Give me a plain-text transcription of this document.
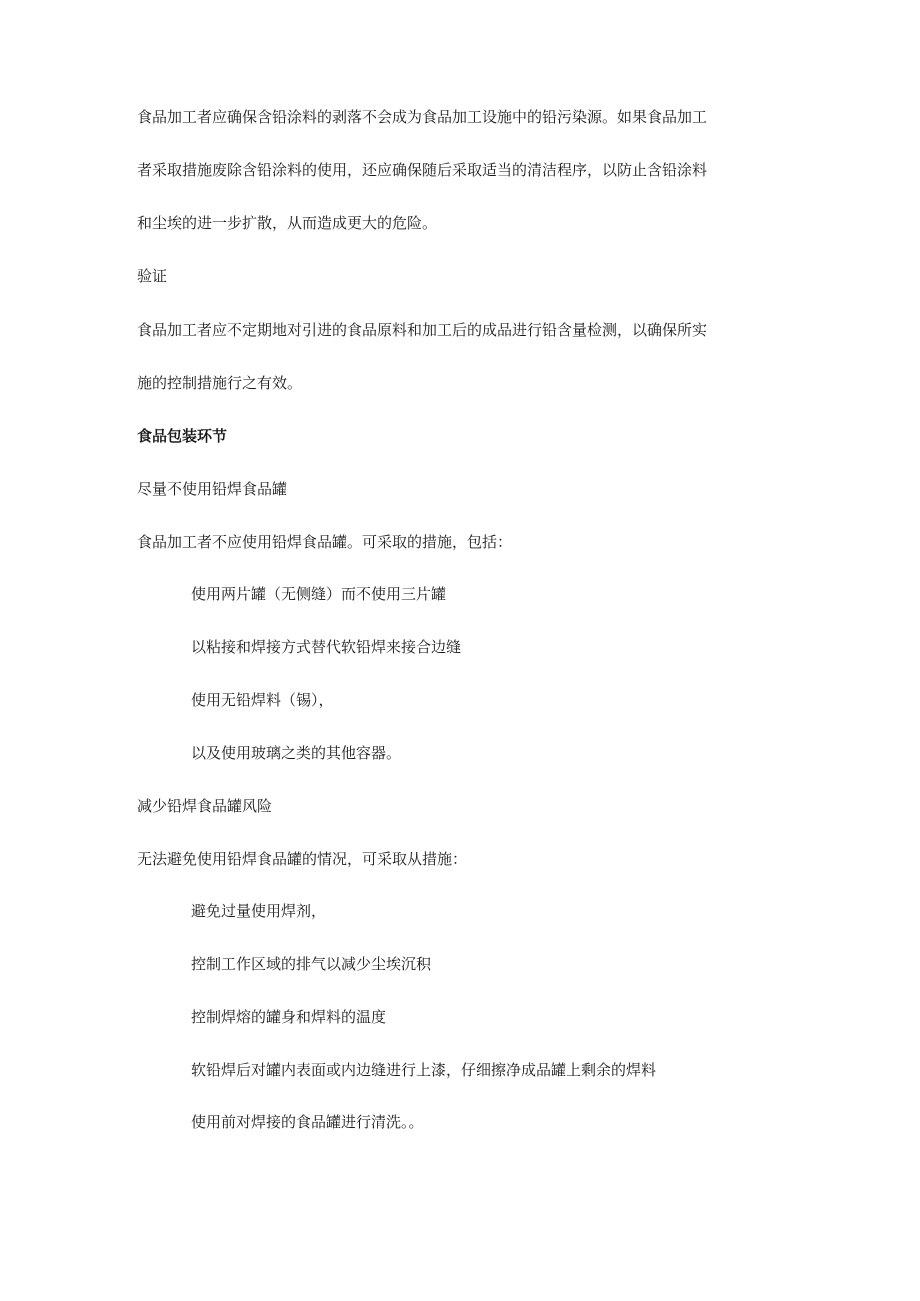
食品加工者应确保含铅涂料的剥落不会成为食品加工设施中的铅污染源。如果食品加工
者采取措施废除含铅涂料的使用，还应确保随后采取适当的清洁程序，以防止含铅涂料
和尘埃的进一步扩散，从而造成更大的危险。
验证
食品加工者应不定期地对引进的食品原料和加工后的成品进行铅含量检测，以确保所实
施的控制措施行之有效。
食品包装环节
尽量不使用铅焊食品罐
食品加工者不应使用铅焊食品罐。可采取的措施，包括：
使用两片罐（无侧缝）而不使用三片罐
以粘接和焊接方式替代软铅焊来接合边缝
使用无铅焊料（锡），
以及使用玻璃之类的其他容器。
减少铅焊食品罐风险
无法避免使用铅焊食品罐的情况，可采取从措施：
避免过量使用焊剂，
控制工作区域的排气以减少尘埃沉积
控制焊熔的罐身和焊料的温度
软铅焊后对罐内表面或内边缝进行上漆，仔细擦净成品罐上剩余的焊料
使用前对焊接的食品罐进行清洗。。
